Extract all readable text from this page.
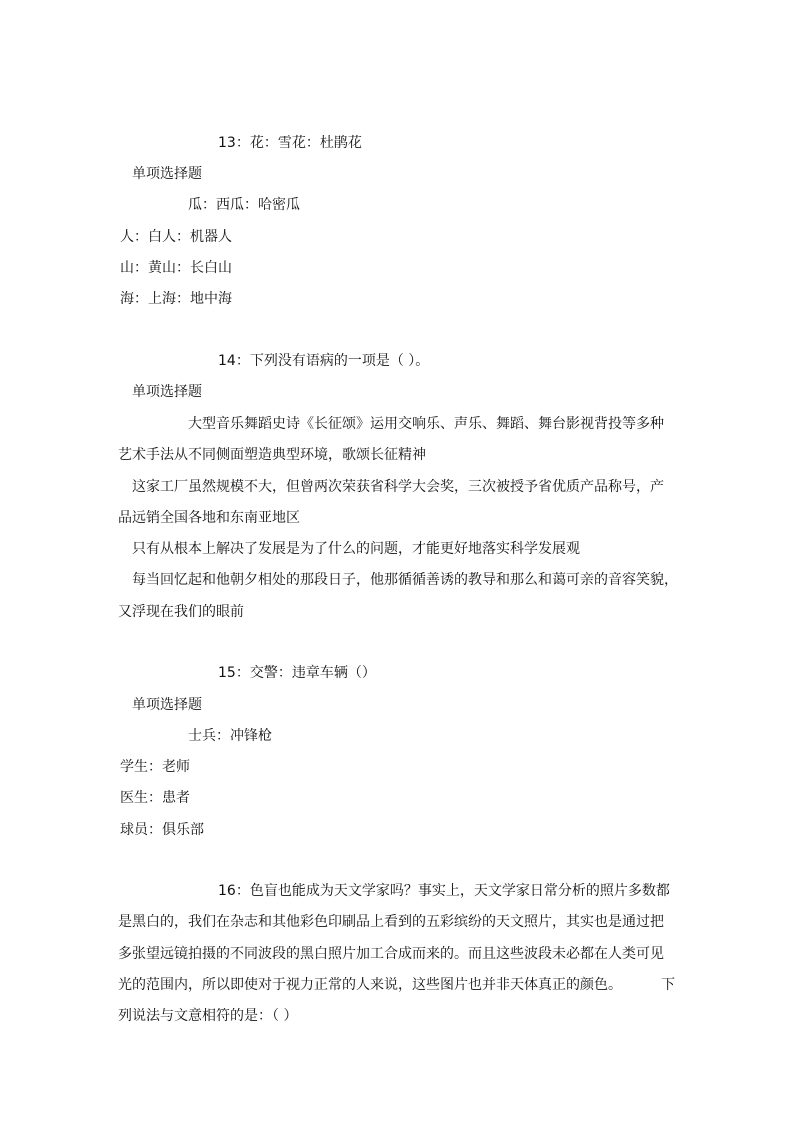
13：花：雪花：杜鹃花
单项选择题
瓜：西瓜：哈密瓜
人：白人：机器人
山：黄山：长白山
海：上海：地中海
14：下列没有语病的一项是（ ）。
单项选择题
大型音乐舞蹈史诗《长征颂》运用交响乐、声乐、舞蹈、舞台影视背投等多种
艺术手法从不同侧面塑造典型环境，歌颂长征精神
这家工厂虽然规模不大，但曾两次荣获省科学大会奖，三次被授予省优质产品称号，产
品远销全国各地和东南亚地区
只有从根本上解决了发展是为了什么的问题，才能更好地落实科学发展观
每当回忆起和他朝夕相处的那段日子，他那循循善诱的教导和那么和蔼可亲的音容笑貌，
又浮现在我们的眼前
15：交警：违章车辆（）
单项选择题
士兵：冲锋枪
学生：老师
医生：患者
球员：俱乐部
16：色盲也能成为天文学家吗？事实上，天文学家日常分析的照片多数都
是黑白的，我们在杂志和其他彩色印刷品上看到的五彩缤纷的天文照片，其实也是通过把
多张望远镜拍摄的不同波段的黑白照片加工合成而来的。而且这些波段未必都在人类可见
光的范围内，所以即使对于视力正常的人来说，这些图片也并非天体真正的颜色。	下
列说法与文意相符的是：（ ）
